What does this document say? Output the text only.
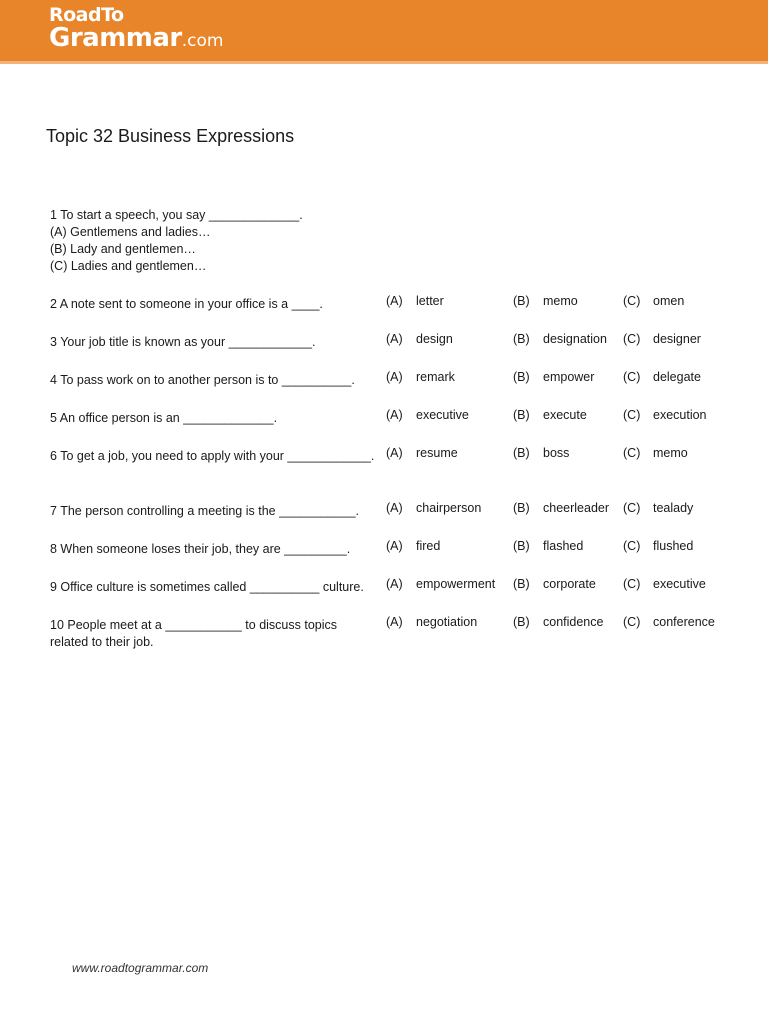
RoadTo
Grammar.com
Topic 32 Business Expressions
1 To start a speech, you say _____________.
(A) Gentlemens and ladies…
(B) Lady and gentlemen…
(C) Ladies and gentlemen…
2 A note sent to someone in your office is a ____.	(A) letter	(B) memo	(C) omen
3 Your job title is known as your ____________.	(A) design	(B) designation (C) designer
4 To pass work on to another person is to __________.	(A) remark	(B) empower (C) delegate
5 An office person is an _____________.	(A) executive	(B) execute	(C) execution
6 To get a job, you need to apply with your ____________. (A) resume	(B) boss	(C) memo
7 The person controlling a meeting is the ___________.	(A) chairperson	(B) cheerleader (C) tealady
8 When someone loses their job, they are _________.	(A) fired	(B) flashed	(C) flushed
9 Office culture is sometimes called __________ culture.	(A) empowerment (B) corporate (C) executive
10 People meet at a ___________ to discuss topics related to their job.
(A) negotiation	(B) confidence (C) conference
www.roadtogrammar.com
